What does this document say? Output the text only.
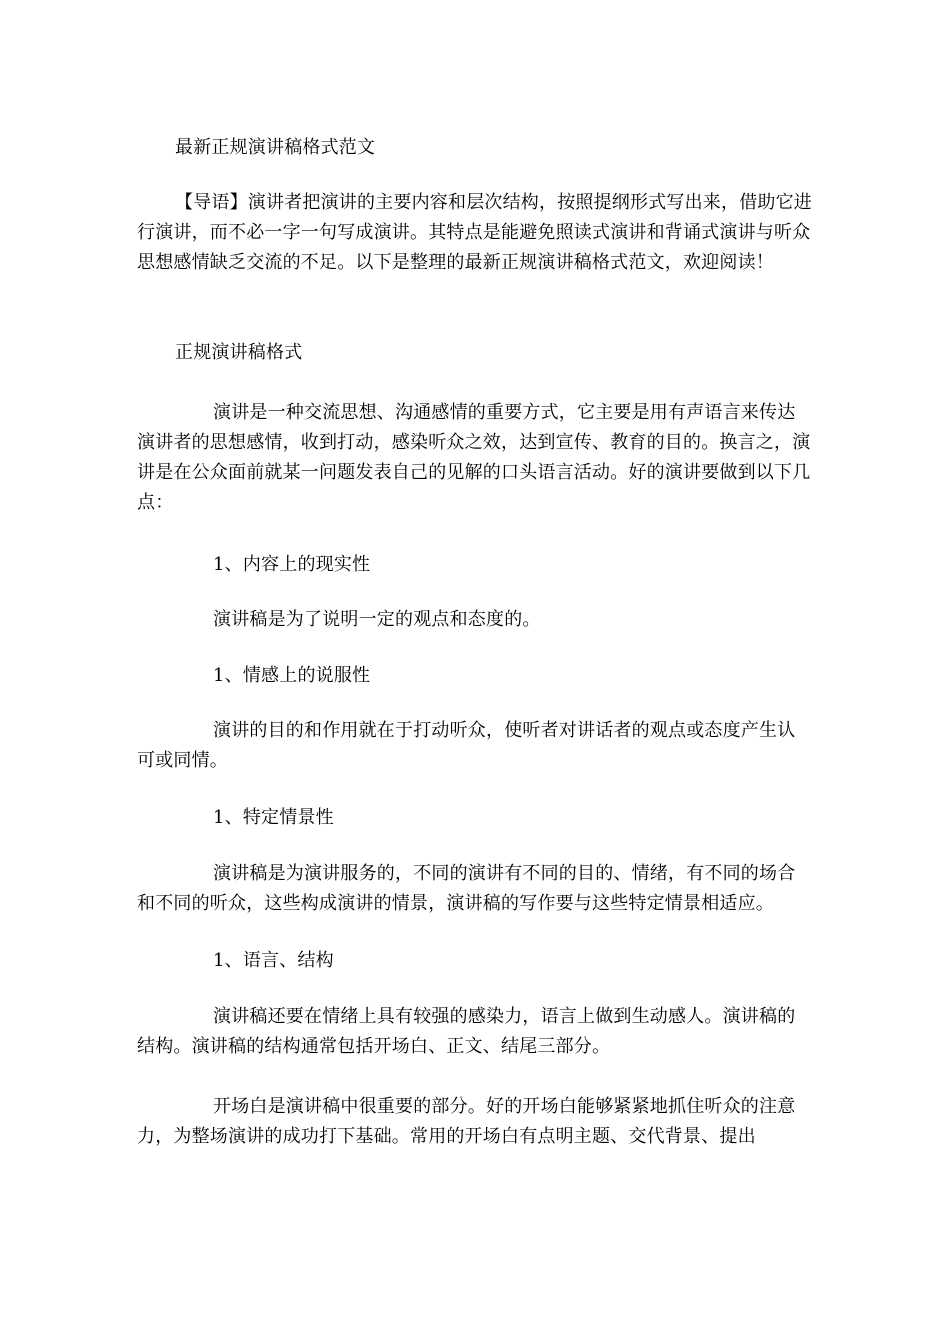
最新正规演讲稿格式范文

【导语】演讲者把演讲的主要内容和层次结构，按照提纲形式写出来，借助它进行演讲，而不必一字一句写成演讲。其特点是能避免照读式演讲和背诵式演讲与听众思想感情缺乏交流的不足。以下是整理的最新正规演讲稿格式范文，欢迎阅读！

正规演讲稿格式

演讲是一种交流思想、沟通感情的重要方式，它主要是用有声语言来传达演讲者的思想感情，收到打动，感染听众之效，达到宣传、教育的目的。换言之，演讲是在公众面前就某一问题发表自己的见解的口头语言活动。好的演讲要做到以下几点：

1、内容上的现实性

演讲稿是为了说明一定的观点和态度的。

1、情感上的说服性

演讲的目的和作用就在于打动听众，使听者对讲话者的观点或态度产生认可或同情。

1、特定情景性

演讲稿是为演讲服务的，不同的演讲有不同的目的、情绪，有不同的场合和不同的听众，这些构成演讲的情景，演讲稿的写作要与这些特定情景相适应。

1、语言、结构

演讲稿还要在情绪上具有较强的感染力，语言上做到生动感人。演讲稿的结构。演讲稿的结构通常包括开场白、正文、结尾三部分。

开场白是演讲稿中很重要的部分。好的开场白能够紧紧地抓住听众的注意力，为整场演讲的成功打下基础。常用的开场白有点明主题、交代背景、提出
